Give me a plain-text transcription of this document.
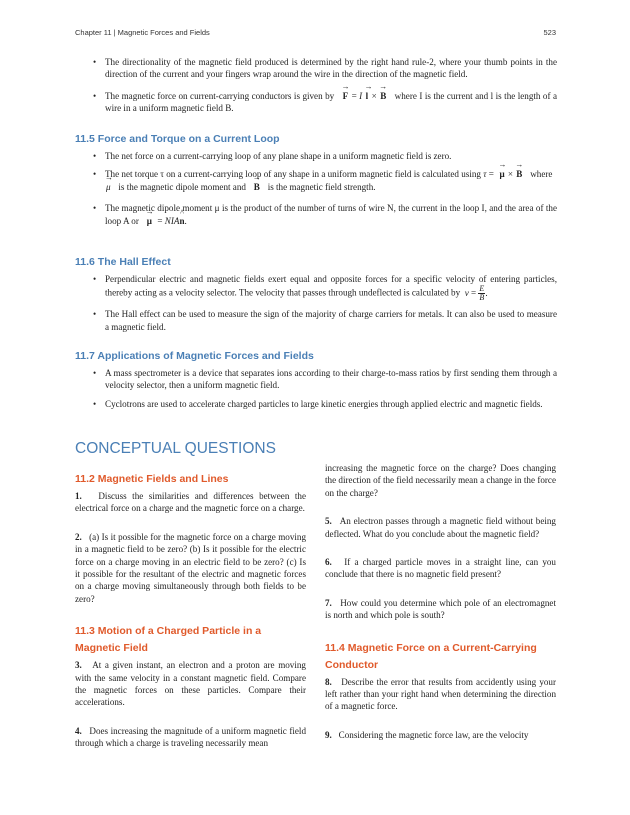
Chapter 11 | Magnetic Forces and Fields	523
• The directionality of the magnetic field produced is determined by the right hand rule-2, where your thumb points in the direction of the current and your fingers wrap around the wire in the direction of the magnetic field.
• The magnetic force on current-carrying conductors is given by F → = I l → × B → where I is the current and l is the length of a wire in a uniform magnetic field B.
11.5 Force and Torque on a Current Loop
• The net force on a current-carrying loop of any plane shape in a uniform magnetic field is zero.
• The net torque τ on a current-carrying loop of any shape in a uniform magnetic field is calculated using τ =  μ → × B → where   μ → is the magnetic dipole moment and B → is the magnetic field strength.
• The magnetic dipole moment μ is the product of the number of turns of wire N, the current in the loop I, and the area of the loop A or μ →  = NIAn ^.
11.6 The Hall Effect
• Perpendicular electric and magnetic fields exert equal and opposite forces for a specific velocity of entering particles, thereby acting as a velocity selector. The velocity that passes through undeflected is calculated by $v = \frac{E}{B}$ .
• The Hall effect can be used to measure the sign of the majority of charge carriers for metals. It can also be used to measure a magnetic field.
11.7 Applications of Magnetic Forces and Fields
• A mass spectrometer is a device that separates ions according to their charge-to-mass ratios by first sending them through a velocity selector, then a uniform magnetic field.
• Cyclotrons are used to accelerate charged particles to large kinetic energies through applied electric and magnetic fields.
CONCEPTUAL QUESTIONS
11.2 Magnetic Fields and Lines

1. Discuss the similarities and differences between the electrical force on a charge and the magnetic force on a charge.

2. (a) Is it possible for the magnetic force on a charge moving in a magnetic field to be zero? (b) Is it possible for the electric force on a charge moving in an electric field to be zero? (c) Is it possible for the resultant of the electric and magnetic forces on a charge moving simultaneously through both fields to be zero?

11.3 Motion of a Charged Particle in a Magnetic Field

3. At a given instant, an electron and a proton are moving with the same velocity in a constant magnetic field. Compare the magnetic forces on these particles. Compare their accelerations.

4. Does increasing the magnitude of a uniform magnetic field through which a charge is traveling necessarily mean

increasing the magnetic force on the charge? Does changing the direction of the field necessarily mean a change in the force on the charge?

5. An electron passes through a magnetic field without being deflected. What do you conclude about the magnetic field?

6. If a charged particle moves in a straight line, can you conclude that there is no magnetic field present?

7. How could you determine which pole of an electromagnet is north and which pole is south?

11.4 Magnetic Force on a Current-Carrying Conductor

8. Describe the error that results from accidently using your left rather than your right hand when determining the direction of a magnetic force.

9. Considering the magnetic force law, are the velocity
